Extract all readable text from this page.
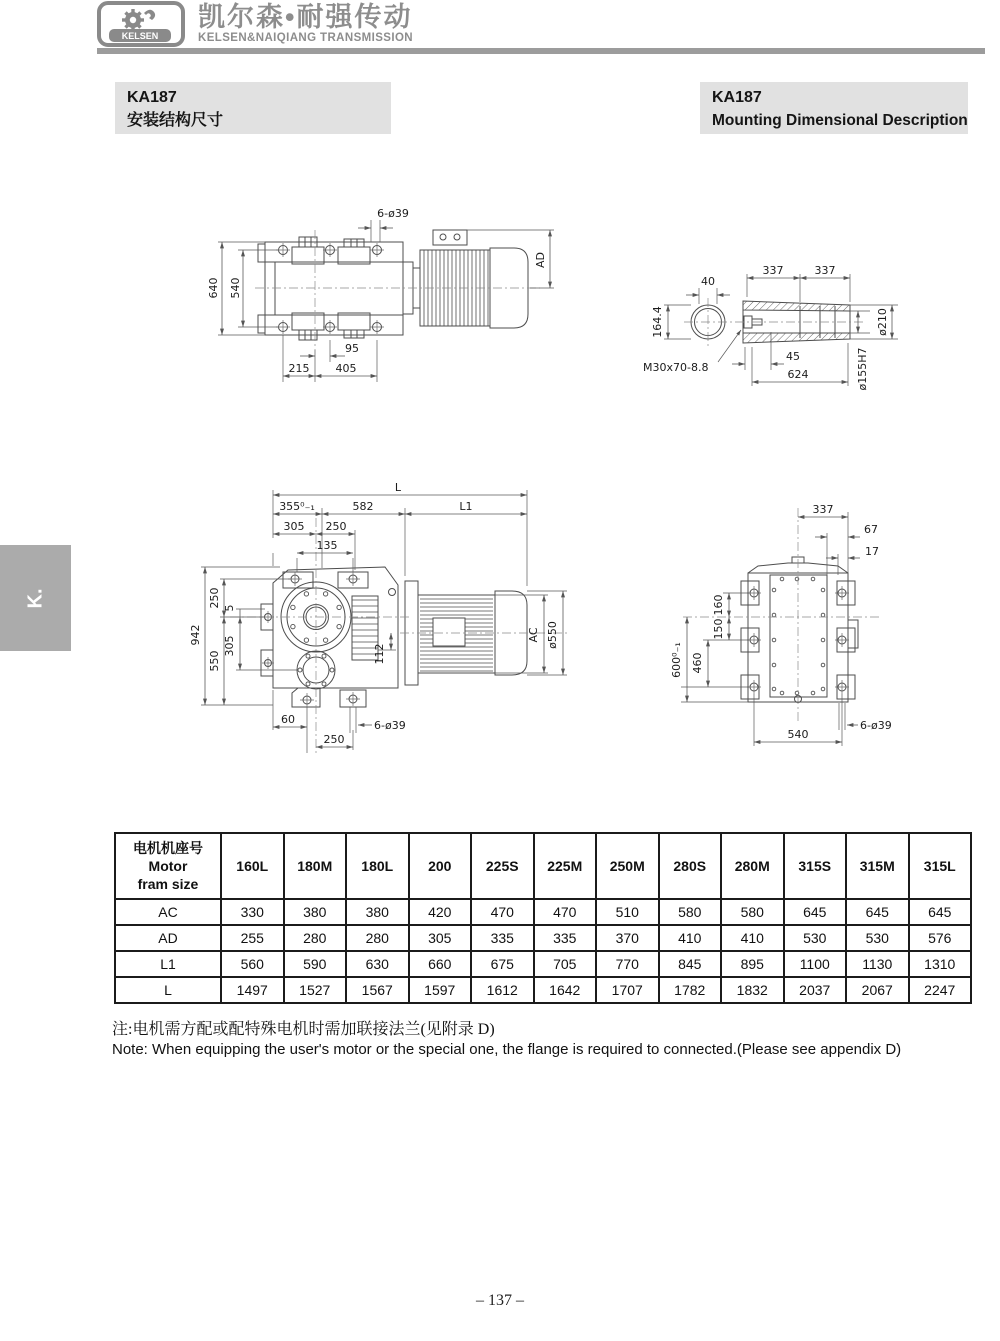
KELSEN
凯尔森•耐强传动
KELSEN&NAIQIANG TRANSMISSION
KA187
安装结构尺寸
KA187
Mounting Dimensional Description
K.
6-ø39
AD
640 540
95
215 405
40
164.4
337	337
45
624	ø155H7
ø210
M30x70-8.8
L
355⁰₋₁	582	L1
305 250
135
942
250
550
5
305	112
AC ø550
60
250
6-ø39
337
67
17
160
150
460
600⁰₋₁
540
6-ø39
电机机座号
Motor
fram size	160L	180M	180L	200	225S	225M	250M	280S	280M	315S	315M	315L
AC	330	380	380	420	470	470	510	580	580	645	645	645
AD	255	280	280	305	335	335	370	410	410	530	530	576
L1	560	590	630	660	675	705	770	845	895	1100	1130	1310
L	1497	1527	1567	1597	1612	1642	1707	1782	1832	2037	2067	2247
注:电机需方配或配特殊电机时需加联接法兰(见附录 D)
Note: When equipping the user's motor or the special one, the flange is required to connected.(Please see appendix D)
– 137 –
